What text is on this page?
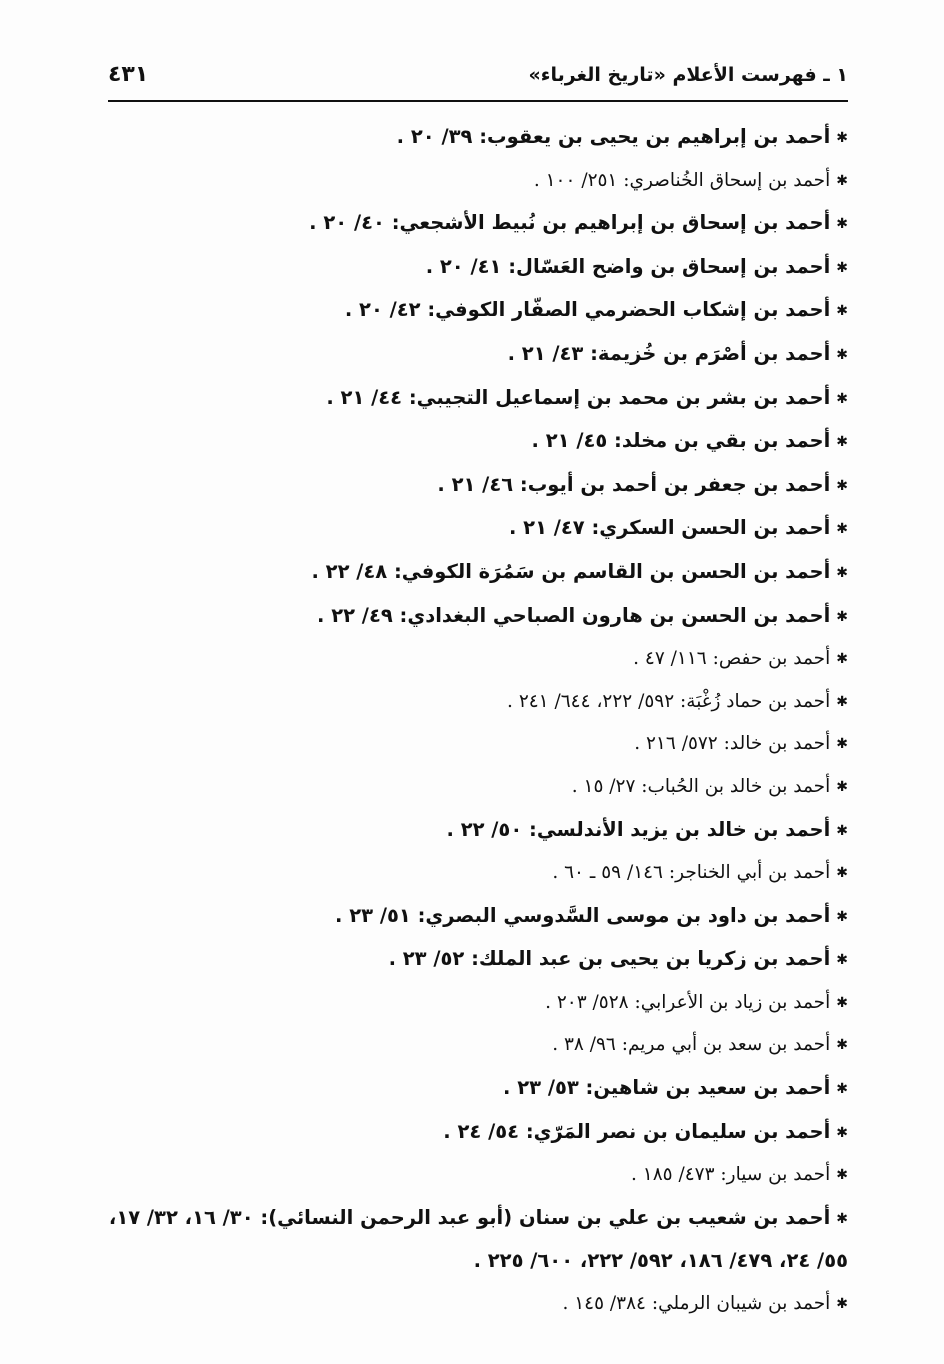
١ ـ فهرست الأعلام «تاريخ الغرباء»
٤٣١
✱أحمد بن إبراهيم بن يحيى بن يعقوب: ٣٩/ ٢٠ .
✱أحمد بن إسحاق الخُناصري: ٢٥١/ ١٠٠ .
✱أحمد بن إسحاق بن إبراهيم بن نُبيط الأشجعي: ٤٠/ ٢٠ .
✱أحمد بن إسحاق بن واضح العَسّال: ٤١/ ٢٠ .
✱أحمد بن إشكاب الحضرمي الصفّار الكوفي: ٤٢/ ٢٠ .
✱أحمد بن أصْرَم بن خُزيمة: ٤٣/ ٢١ .
✱أحمد بن بشر بن محمد بن إسماعيل التجيبي: ٤٤/ ٢١ .
✱أحمد بن بقي بن مخلد: ٤٥/ ٢١ .
✱أحمد بن جعفر بن أحمد بن أيوب: ٤٦/ ٢١ .
✱أحمد بن الحسن السكري: ٤٧/ ٢١ .
✱أحمد بن الحسن بن القاسم بن سَمُرَة الكوفي: ٤٨/ ٢٢ .
✱أحمد بن الحسن بن هارون الصباحي البغدادي: ٤٩/ ٢٢ .
✱أحمد بن حفص: ١١٦/ ٤٧ .
✱أحمد بن حماد زُغْبَة: ٥٩٢/ ٢٢٢، ٦٤٤/ ٢٤١ .
✱أحمد بن خالد: ٥٧٢/ ٢١٦ .
✱أحمد بن خالد بن الحُباب: ٢٧/ ١٥ .
✱أحمد بن خالد بن يزيد الأندلسي: ٥٠/ ٢٢ .
✱أحمد بن أبي الخناجر: ١٤٦/ ٥٩ ـ ٦٠ .
✱أحمد بن داود بن موسى السَّدوسي البصري: ٥١/ ٢٣ .
✱أحمد بن زكريا بن يحيى بن عبد الملك: ٥٢/ ٢٣ .
✱أحمد بن زياد بن الأعرابي: ٥٢٨/ ٢٠٣ .
✱أحمد بن سعد بن أبي مريم: ٩٦/ ٣٨ .
✱أحمد بن سعيد بن شاهين: ٥٣/ ٢٣ .
✱أحمد بن سليمان بن نصر المَرّي: ٥٤/ ٢٤ .
✱أحمد بن سيار: ٤٧٣/ ١٨٥ .
✱أحمد بن شعيب بن علي بن سنان (أبو عبد الرحمن النسائي): ٣٠/ ١٦، ٣٢/ ١٧، ٥٥/ ٢٤، ٤٧٩/ ١٨٦، ٥٩٢/ ٢٢٢، ٦٠٠/ ٢٢٥ .
✱أحمد بن شيبان الرملي: ٣٨٤/ ١٤٥ .
